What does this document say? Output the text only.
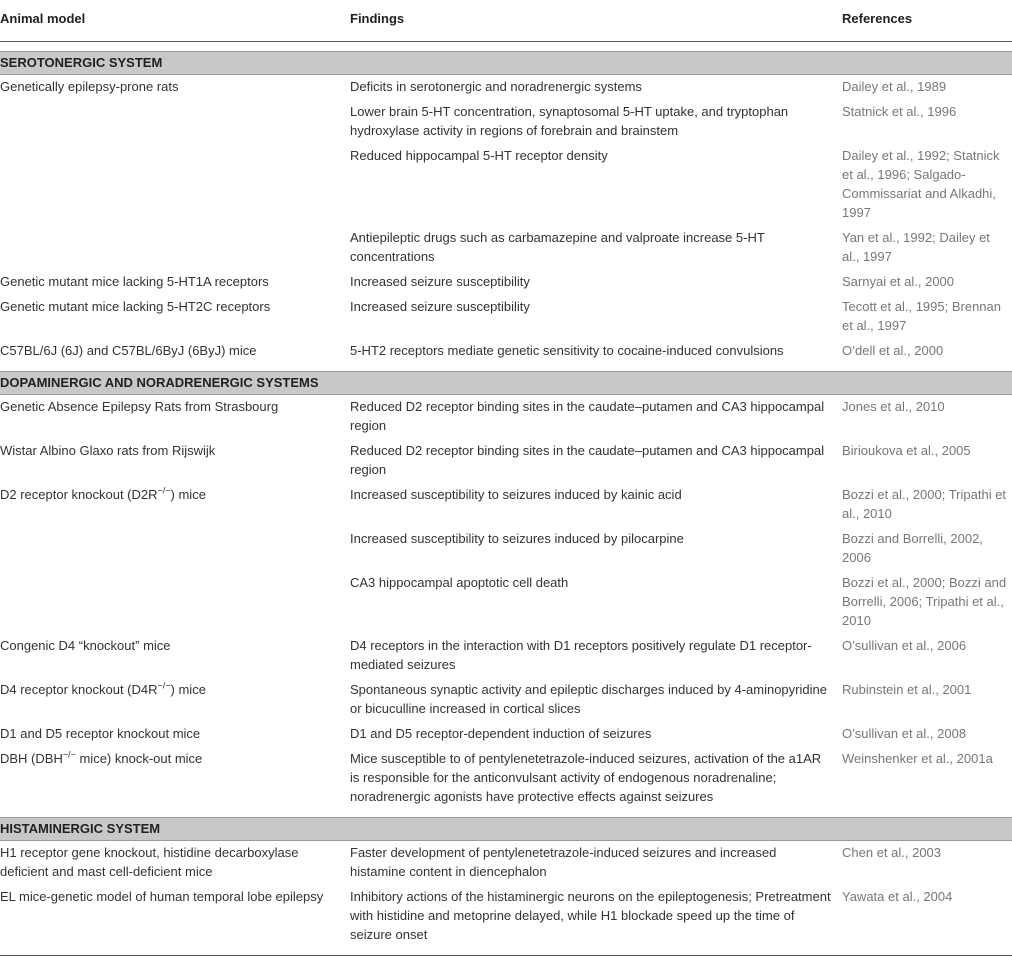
Animal model	Findings	References

SEROTONERGIC SYSTEM		
Genetically epilepsy-prone rats	Deficits in serotonergic and noradrenergic systems	Dailey et al., 1989
	Lower brain 5-HT concentration, synaptosomal 5-HT uptake, and tryptophan hydroxylase activity in regions of forebrain and brainstem	Statnick et al., 1996
	Reduced hippocampal 5-HT receptor density	Dailey et al., 1992; Statnick et al., 1996; Salgado-Commissariat and Alkadhi, 1997
	Antiepileptic drugs such as carbamazepine and valproate increase 5-HT concentrations	Yan et al., 1992; Dailey et al., 1997
Genetic mutant mice lacking 5-HT1A receptors	Increased seizure susceptibility	Sarnyai et al., 2000
Genetic mutant mice lacking 5-HT2C receptors	Increased seizure susceptibility	Tecott et al., 1995; Brennan et al., 1997
C57BL/6J (6J) and C57BL/6ByJ (6ByJ) mice	5-HT2 receptors mediate genetic sensitivity to cocaine-induced convulsions	O’dell et al., 2000

DOPAMINERGIC AND NORADRENERGIC SYSTEMS		
Genetic Absence Epilepsy Rats from Strasbourg	Reduced D2 receptor binding sites in the caudate–putamen and CA3 hippocampal region	Jones et al., 2010
Wistar Albino Glaxo rats from Rijswijk	Reduced D2 receptor binding sites in the caudate–putamen and CA3 hippocampal region	Birioukova et al., 2005
D2 receptor knockout (D2R−/−) mice	Increased susceptibility to seizures induced by kainic acid	Bozzi et al., 2000; Tripathi et al., 2010
	Increased susceptibility to seizures induced by pilocarpine	Bozzi and Borrelli, 2002, 2006
	CA3 hippocampal apoptotic cell death	Bozzi et al., 2000; Bozzi and Borrelli, 2006; Tripathi et al., 2010
Congenic D4 “knockout” mice	D4 receptors in the interaction with D1 receptors positively regulate D1 receptor-mediated seizures	O’sullivan et al., 2006
D4 receptor knockout (D4R−/−) mice	Spontaneous synaptic activity and epileptic discharges induced by 4-aminopyridine or bicuculline increased in cortical slices	Rubinstein et al., 2001
D1 and D5 receptor knockout mice	D1 and D5 receptor-dependent induction of seizures	O’sullivan et al., 2008
DBH (DBH−/− mice) knock-out mice	Mice susceptible to of pentylenetetrazole-induced seizures, activation of the a1AR is responsible for the anticonvulsant activity of endogenous noradrenaline; noradrenergic agonists have protective effects against seizures	Weinshenker et al., 2001a

HISTAMINERGIC SYSTEM		
H1 receptor gene knockout, histidine decarboxylase deficient and mast cell-deficient mice	Faster development of pentylenetetrazole-induced seizures and increased histamine content in diencephalon	Chen et al., 2003
EL mice-genetic model of human temporal lobe epilepsy	Inhibitory actions of the histaminergic neurons on the epileptogenesis; Pretreatment with histidine and metoprine delayed, while H1 blockade speed up the time of seizure onset	Yawata et al., 2004
